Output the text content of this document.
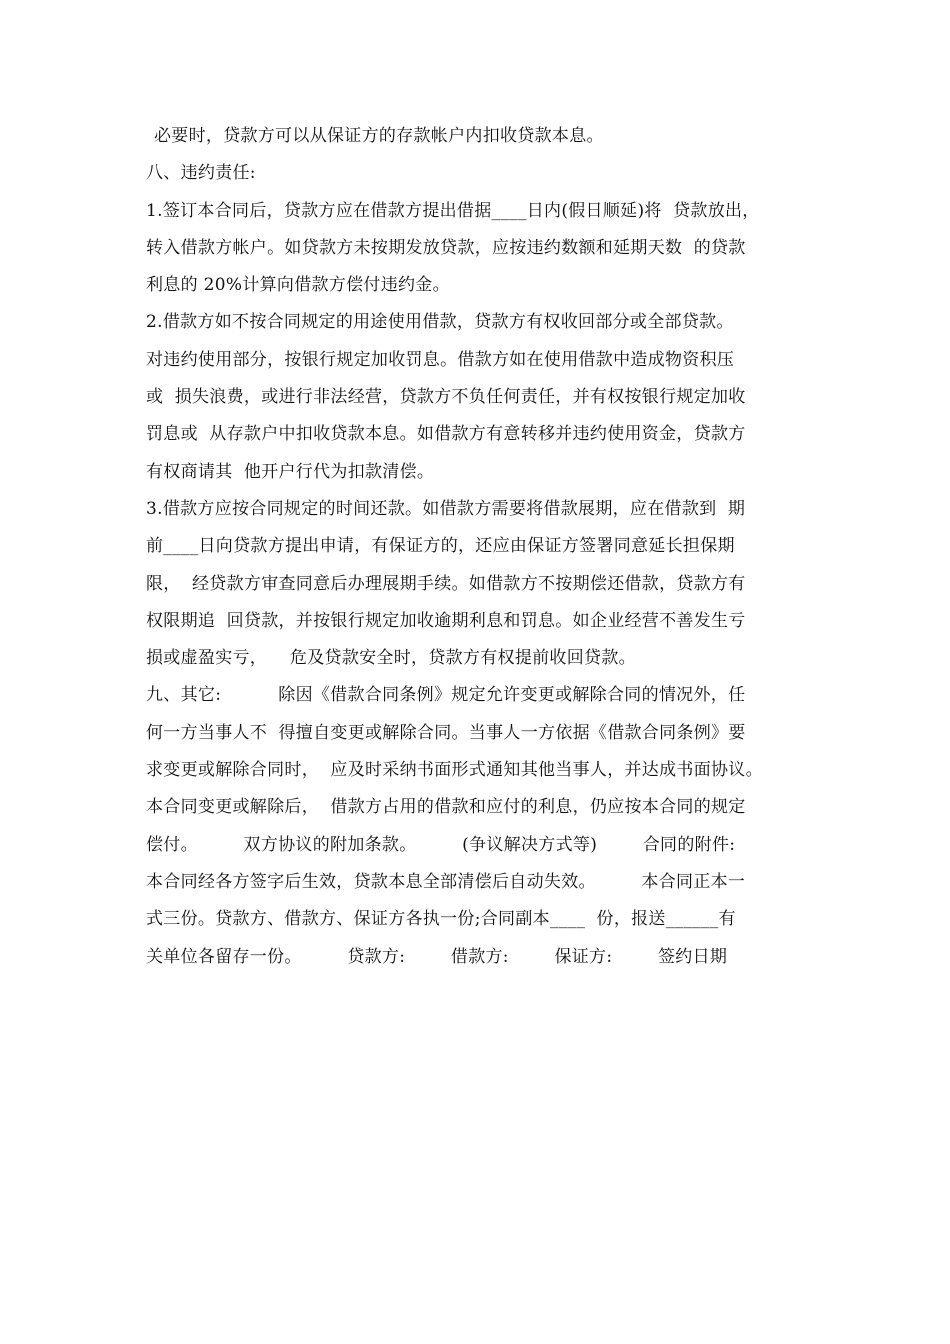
必要时，贷款方可以从保证方的存款帐户内扣收贷款本息。
八、违约责任:
1.签订本合同后，贷款方应在借款方提出借据____日内(假日顺延)将  贷款放出，
转入借款方帐户。如贷款方未按期发放贷款，应按违约数额和延期天数  的贷款
利息的 20%计算向借款方偿付违约金。
2.借款方如不按合同规定的用途使用借款，贷款方有权收回部分或全部贷款。
对违约使用部分，按银行规定加收罚息。借款方如在使用借款中造成物资积压
或  损失浪费，或进行非法经营，贷款方不负任何责任，并有权按银行规定加收
罚息或  从存款户中扣收贷款本息。如借款方有意转移并违约使用资金，贷款方
有权商请其  他开户行代为扣款清偿。
3.借款方应按合同规定的时间还款。如借款方需要将借款展期，应在借款到  期
前____日向贷款方提出申请，有保证方的，还应由保证方签署同意延长担保期
限，  经贷款方审查同意后办理展期手续。如借款方不按期偿还借款，贷款方有
权限期追  回贷款，并按银行规定加收逾期利息和罚息。如企业经营不善发生亏
损或虚盈实亏，    危及贷款安全时，贷款方有权提前收回贷款。
九、其它:          除因《借款合同条例》规定允许变更或解除合同的情况外，任
何一方当事人不  得擅自变更或解除合同。当事人一方依据《借款合同条例》要
求变更或解除合同时，  应及时采纳书面形式通知其他当事人，并达成书面协议。
本合同变更或解除后，  借款方占用的借款和应付的利息，仍应按本合同的规定
偿付。        双方协议的附加条款。        (争议解决方式等)        合同的附件:
本合同经各方签字后生效，贷款本息全部清偿后自动失效。        本合同正本一
式三份。贷款方、借款方、保证方各执一份;合同副本____  份，报送______有
关单位各留存一份。        贷款方:        借款方:        保证方:        签约日期
